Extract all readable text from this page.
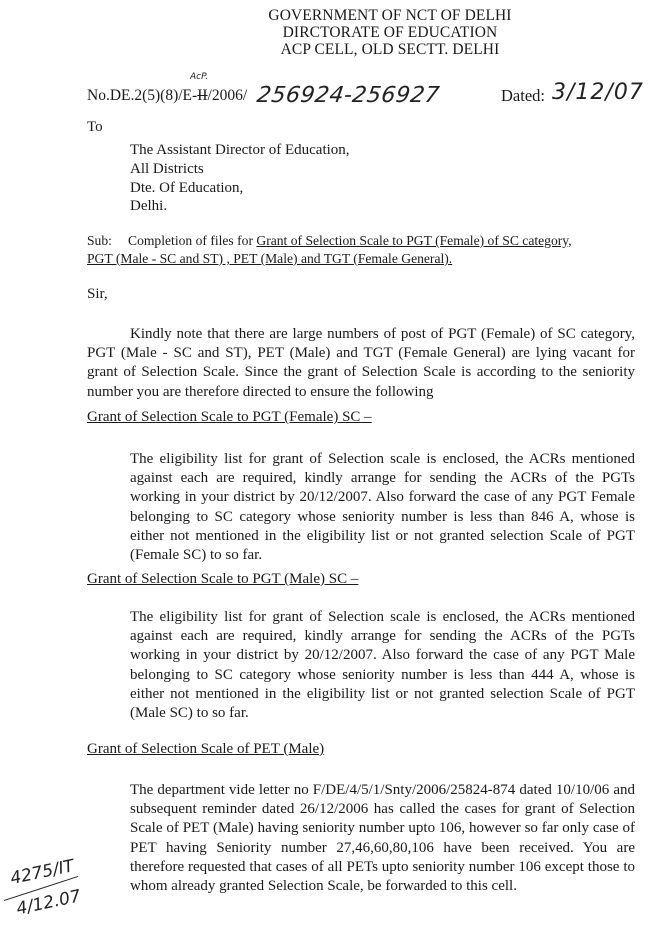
GOVERNMENT OF NCT OF DELHI
DIRCTORATE OF EDUCATION
ACP CELL, OLD SECTT. DELHI
AcP.
No.DE.2(5)(8)/E-II/2006/ 256924-256927	Dated: 3/12/07
To
The Assistant Director of Education,
All Districts
Dte. Of Education,
Delhi.
Sub: Completion of files for Grant of Selection Scale to PGT (Female) of SC category,
PGT (Male - SC and ST) , PET (Male) and TGT (Female General).
Sir,
Kindly note that there are large numbers of post of PGT (Female) of SC category, PGT (Male - SC and ST), PET (Male) and TGT (Female General) are lying vacant for grant of Selection Scale. Since the grant of Selection Scale is according to the seniority number you are therefore directed to ensure the following
Grant of Selection Scale to PGT (Female) SC –
The eligibility list for grant of Selection scale is enclosed, the ACRs mentioned against each are required, kindly arrange for sending the ACRs of the PGTs working in your district by 20/12/2007. Also forward the case of any PGT Female belonging to SC category whose seniority number is less than 846 A, whose is either not mentioned in the eligibility list or not granted selection Scale of PGT (Female SC) to so far.
Grant of Selection Scale to PGT (Male) SC –
The eligibility list for grant of Selection scale is enclosed, the ACRs mentioned against each are required, kindly arrange for sending the ACRs of the PGTs working in your district by 20/12/2007. Also forward the case of any PGT Male belonging to SC category whose seniority number is less than 444 A, whose is either not mentioned in the eligibility list or not granted selection Scale of PGT (Male SC) to so far.
Grant of Selection Scale of PET (Male)
The department vide letter no F/DE/4/5/1/Snty/2006/25824-874 dated 10/10/06 and subsequent reminder dated 26/12/2006 has called the cases for grant of Selection Scale of PET (Male) having seniority number upto 106, however so far only case of PET having Seniority number 27,46,60,80,106 have been received. You are therefore requested that cases of all PETs upto seniority number 106 except those to whom already granted Selection Scale, be forwarded to this cell.
4275/IT
4/12.07
